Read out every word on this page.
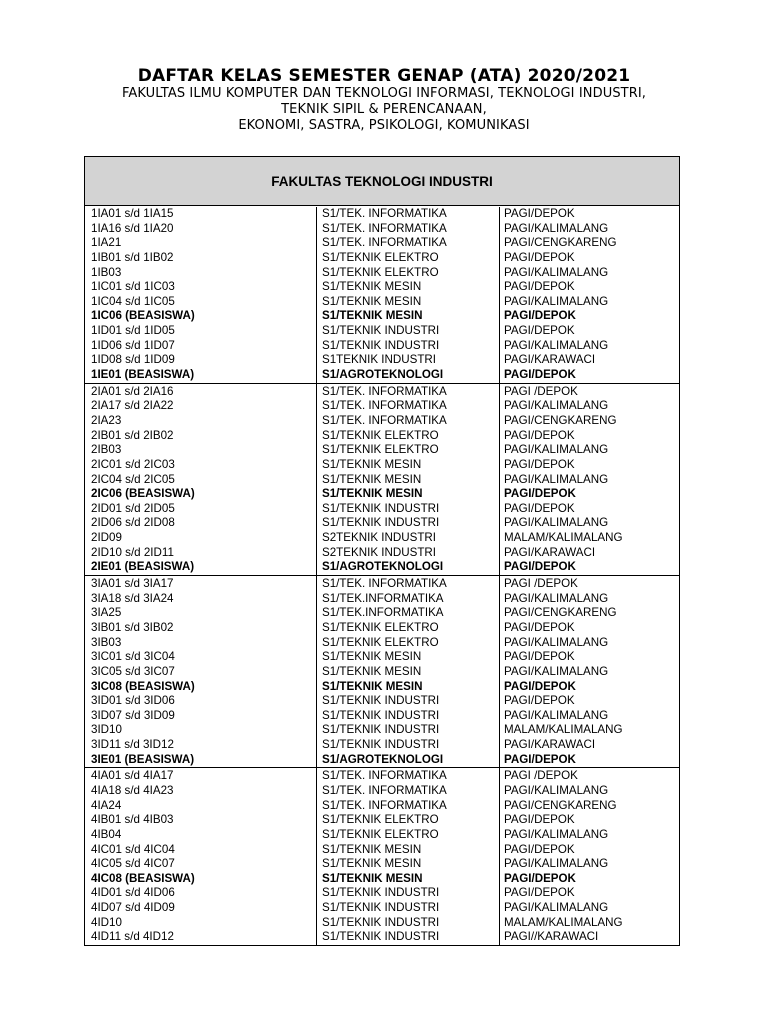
DAFTAR KELAS SEMESTER GENAP (ATA) 2020/2021

FAKULTAS ILMU KOMPUTER DAN TEKNOLOGI INFORMASI, TEKNOLOGI INDUSTRI,

TEKNIK SIPIL & PERENCANAAN,

EKONOMI, SASTRA, PSIKOLOGI, KOMUNIKASI

FAKULTAS TEKNOLOGI INDUSTRI
1IA01 s/d 1IA15	S1/TEK. INFORMATIKA	PAGI/DEPOK
1IA16 s/d 1IA20	S1/TEK. INFORMATIKA	PAGI/KALIMALANG
1IA21	S1/TEK. INFORMATIKA	PAGI/CENGKARENG
1IB01 s/d 1IB02	S1/TEKNIK ELEKTRO	PAGI/DEPOK
1IB03	S1/TEKNIK ELEKTRO	PAGI/KALIMALANG
1IC01 s/d 1IC03	S1/TEKNIK MESIN	PAGI/DEPOK
1IC04 s/d 1IC05	S1/TEKNIK MESIN	PAGI/KALIMALANG
1IC06 (BEASISWA)	S1/TEKNIK MESIN	PAGI/DEPOK
1ID01 s/d 1ID05	S1/TEKNIK INDUSTRI	PAGI/DEPOK
1ID06 s/d 1ID07	S1/TEKNIK INDUSTRI	PAGI/KALIMALANG
1ID08 s/d 1ID09	S1TEKNIK INDUSTRI	PAGI/KARAWACI
1IE01 (BEASISWA)	S1/AGROTEKNOLOGI	PAGI/DEPOK
2IA01 s/d 2IA16	S1/TEK. INFORMATIKA	PAGI /DEPOK
2IA17 s/d 2IA22	S1/TEK. INFORMATIKA	PAGI/KALIMALANG
2IA23	S1/TEK. INFORMATIKA	PAGI/CENGKARENG
2IB01 s/d 2IB02	S1/TEKNIK ELEKTRO	PAGI/DEPOK
2IB03	S1/TEKNIK ELEKTRO	PAGI/KALIMALANG
2IC01 s/d 2IC03	S1/TEKNIK MESIN	PAGI/DEPOK
2IC04 s/d 2IC05	S1/TEKNIK MESIN	PAGI/KALIMALANG
2IC06 (BEASISWA)	S1/TEKNIK MESIN	PAGI/DEPOK
2ID01 s/d 2ID05	S1/TEKNIK INDUSTRI	PAGI/DEPOK
2ID06 s/d 2ID08	S1/TEKNIK INDUSTRI	PAGI/KALIMALANG
2ID09	S2TEKNIK INDUSTRI	MALAM/KALIMALANG
2ID10 s/d 2ID11	S2TEKNIK INDUSTRI	PAGI/KARAWACI
2IE01 (BEASISWA)	S1/AGROTEKNOLOGI	PAGI/DEPOK
3IA01 s/d 3IA17	S1/TEK. INFORMATIKA	PAGI /DEPOK
3IA18 s/d 3IA24	S1/TEK.INFORMATIKA	PAGI/KALIMALANG
3IA25	S1/TEK.INFORMATIKA	PAGI/CENGKARENG
3IB01 s/d 3IB02	S1/TEKNIK ELEKTRO	PAGI/DEPOK
3IB03	S1/TEKNIK ELEKTRO	PAGI/KALIMALANG
3IC01 s/d 3IC04	S1/TEKNIK MESIN	PAGI/DEPOK
3IC05 s/d 3IC07	S1/TEKNIK MESIN	PAGI/KALIMALANG
3IC08 (BEASISWA)	S1/TEKNIK MESIN	PAGI/DEPOK
3ID01 s/d 3ID06	S1/TEKNIK INDUSTRI	PAGI/DEPOK
3ID07 s/d 3ID09	S1/TEKNIK INDUSTRI	PAGI/KALIMALANG
3ID10	S1/TEKNIK INDUSTRI	MALAM/KALIMALANG
3ID11 s/d 3ID12	S1/TEKNIK INDUSTRI	PAGI/KARAWACI
3IE01 (BEASISWA)	S1/AGROTEKNOLOGI	PAGI/DEPOK
4IA01 s/d 4IA17	S1/TEK. INFORMATIKA	PAGI /DEPOK
4IA18 s/d 4IA23	S1/TEK. INFORMATIKA	PAGI/KALIMALANG
4IA24	S1/TEK. INFORMATIKA	PAGI/CENGKARENG
4IB01 s/d 4IB03	S1/TEKNIK ELEKTRO	PAGI/DEPOK
4IB04	S1/TEKNIK ELEKTRO	PAGI/KALIMALANG
4IC01 s/d 4IC04	S1/TEKNIK MESIN	PAGI/DEPOK
4IC05 s/d 4IC07	S1/TEKNIK MESIN	PAGI/KALIMALANG
4IC08 (BEASISWA)	S1/TEKNIK MESIN	PAGI/DEPOK
4ID01 s/d 4ID06	S1/TEKNIK INDUSTRI	PAGI/DEPOK
4ID07 s/d 4ID09	S1/TEKNIK INDUSTRI	PAGI/KALIMALANG
4ID10	S1/TEKNIK INDUSTRI	MALAM/KALIMALANG
4ID11 s/d 4ID12	S1/TEKNIK INDUSTRI	PAGI//KARAWACI
